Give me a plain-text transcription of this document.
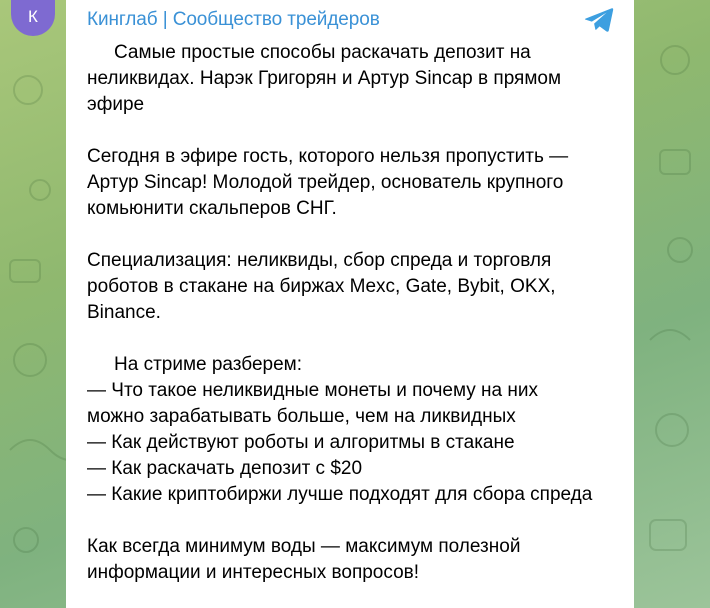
К	Кинглаб | Сообщество трейдеров

Самые простые способы раскачать депозит на

неликвидах. Нарэк Григорян и Артур Sincap в прямом

эфире

Сегодня в эфире гость, которого нельзя пропустить —

Артур Sincap! Молодой трейдер, основатель крупного

комьюнити скальперов СНГ.

Специализация: неликвиды, сбор спреда и торговля

роботов в стакане на биржах Mexc, Gate, Bybit, OKX,

Binance.

На стриме разберем:

— Что такое неликвидные монеты и почему на них

можно зарабатывать больше, чем на ликвидных

— Как действуют роботы и алгоритмы в стакане

— Как раскачать депозит с $20

— Какие криптобиржи лучше подходят для сбора спреда

Как всегда минимум воды — максимум полезной

информации и интересных вопросов!
